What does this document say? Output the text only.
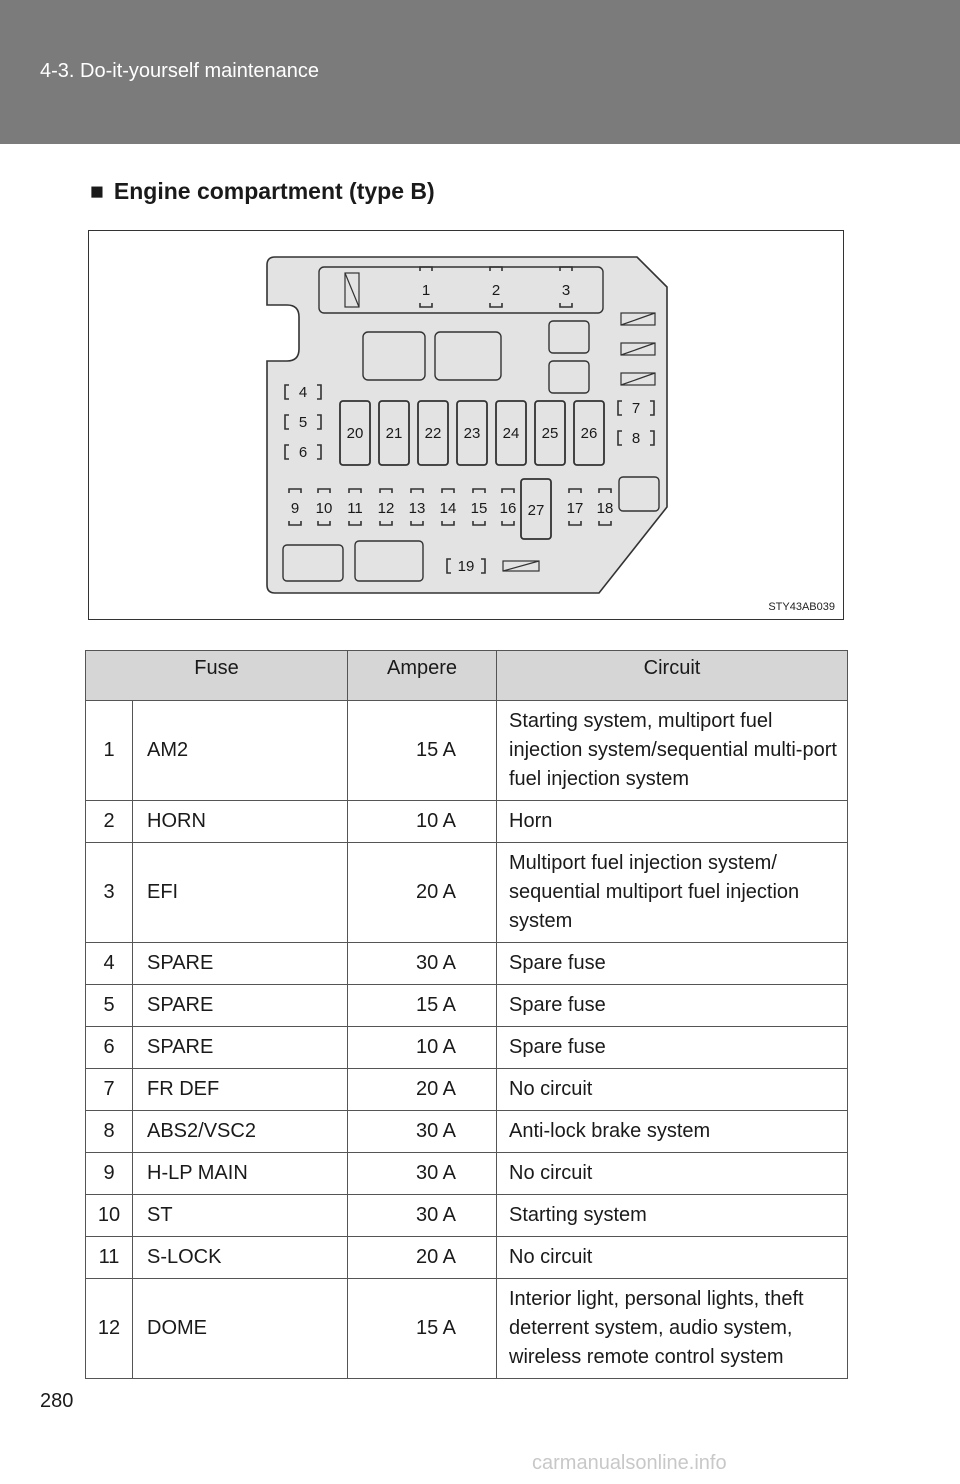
4-3. Do-it-yourself maintenance
■ Engine compartment (type B)
1	2	3
4
5
6
7
8
9 10 11 12 13 14 15 16	17 18
19
20 21 22 23 24 25 26
27
STY43AB039
Fuse		Ampere	Circuit
1	AM2	15 A	Starting system, multiport fuel injection system/sequential multi-port fuel injection system
2	HORN	10 A	Horn
3	EFI	20 A	Multiport fuel injection system/ sequential multiport fuel injection system
4	SPARE	30 A	Spare fuse
5	SPARE	15 A	Spare fuse
6	SPARE	10 A	Spare fuse
7	FR DEF	20 A	No circuit
8	ABS2/VSC2	30 A	Anti-lock brake system
9	H-LP MAIN	30 A	No circuit
10	ST	30 A	Starting system
11	S-LOCK	20 A	No circuit
12	DOME	15 A	Interior light, personal lights, theft deterrent system, audio system, wireless remote control system
280
carmanualsonline.info
